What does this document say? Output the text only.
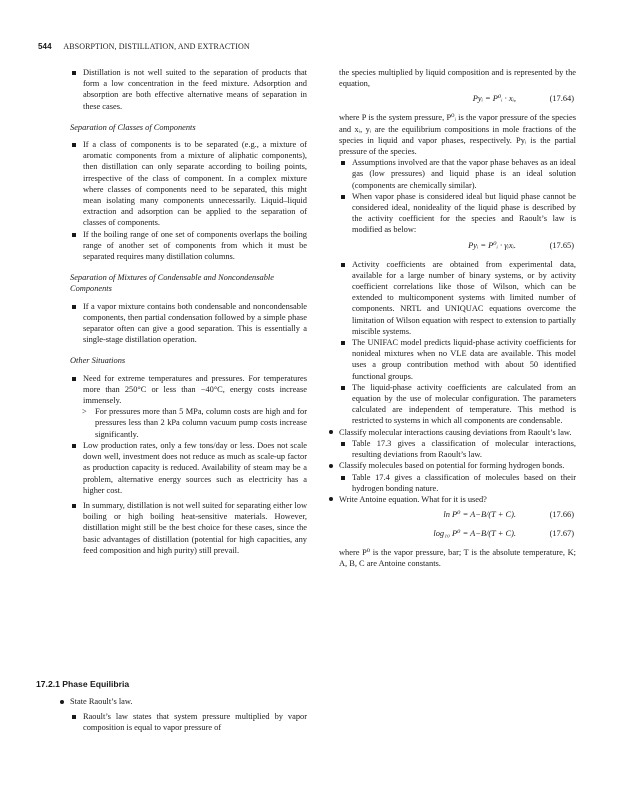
544 ABSORPTION, DISTILLATION, AND EXTRACTION

Distillation is not well suited to the separation of products that form a low concentration in the feed mixture. Adsorption and absorption are both effective alternative means of separation in these cases.

Separation of Classes of Components

If a class of components is to be separated (e.g., a mixture of aromatic components from a mixture of aliphatic components), then distillation can only separate according to boiling points, irrespective of the class of component. In a complex mixture where classes of components need to be separated, this might mean isolating many components unnecessarily. Liquid–liquid extraction and adsorption can be applied to the separation of classes of components.

If the boiling range of one set of components overlaps the boiling range of another set of components from which it must be separated requires many distillation columns.

Separation of Mixtures of Condensable and Noncondensable Components

If a vapor mixture contains both condensable and noncondensable components, then partial condensation followed by a simple phase separator often can give a good separation. This is essentially a single-stage distillation operation.

Other Situations

Need for extreme temperatures and pressures. For temperatures more than 250°C or less than −40°C, energy costs increase immensely.

> For pressures more than 5 MPa, column costs are high and for pressures less than 2 kPa column vacuum pump costs increase significantly.

Low production rates, only a few tons/day or less. Does not scale down well, investment does not reduce as much as scale-up factor as production capacity is reduced. Availability of steam may be a problem, alternative energy sources such as electricity has a higher cost.

In summary, distillation is not well suited for separating either low boiling or high boiling heat-sensitive materials. However, distillation might still be the best choice for these cases, since the basic advantages of distillation (potential for high capacities, any feed composition and high purity) still prevail.

17.2.1 Phase Equilibria

State Raoult’s law.

Raoult’s law states that system pressure multiplied by vapor composition is equal to vapor pressure of

the species multiplied by liquid composition and is represented by the equation,

Pyᵢ = P⁰ᵢ · xᵢ,	(17.64)

where P is the system pressure, P⁰ᵢ is the vapor pressure of the species and xᵢ, yᵢ are the equilibrium compositions in mole fractions of the species in liquid and vapor phases, respectively. Pyᵢ is the partial pressure of the species.

Assumptions involved are that the vapor phase behaves as an ideal gas (low pressures) and liquid phase is an ideal solution (components are chemically similar).

When vapor phase is considered ideal but liquid phase cannot be considered ideal, nonideality of the liquid phase is described by the activity coefficient for the species and Raoult’s law is modified as below:

Pyᵢ = P⁰ᵢ · γᵢxᵢ.	(17.65)

Activity coefficients are obtained from experimental data, available for a large number of binary systems, or by activity coefficient correlations like those of Wilson, which can be extended to multicomponent systems with limited number of components. NRTL and UNIQUAC equations overcome the limitation of Wilson equation with respect to extension to partially miscible systems.

The UNIFAC model predicts liquid-phase activity coefficients for nonideal mixtures when no VLE data are available. This model uses a group contribution method with about 50 identified functional groups.

The liquid-phase activity coefficients are calculated from an equation by the use of molecular configuration. The parameters calculated are independent of temperature. This method is restricted to systems in which all components are condensable.

Classify molecular interactions causing deviations from Raoult’s law.

Table 17.3 gives a classification of molecular interactions, resulting deviations from Raoult’s law.

Classify molecules based on potential for forming hydrogen bonds.

Table 17.4 gives a classification of molecules based on their hydrogen bonding nature.

Write Antoine equation. What for it is used?

ln P⁰ = A−B/(T + C).	(17.66)
log₁₀ P⁰ = A−B/(T + C).	(17.67)

where P⁰ is the vapor pressure, bar; T is the absolute temperature, K; A, B, C are Antoine constants.
